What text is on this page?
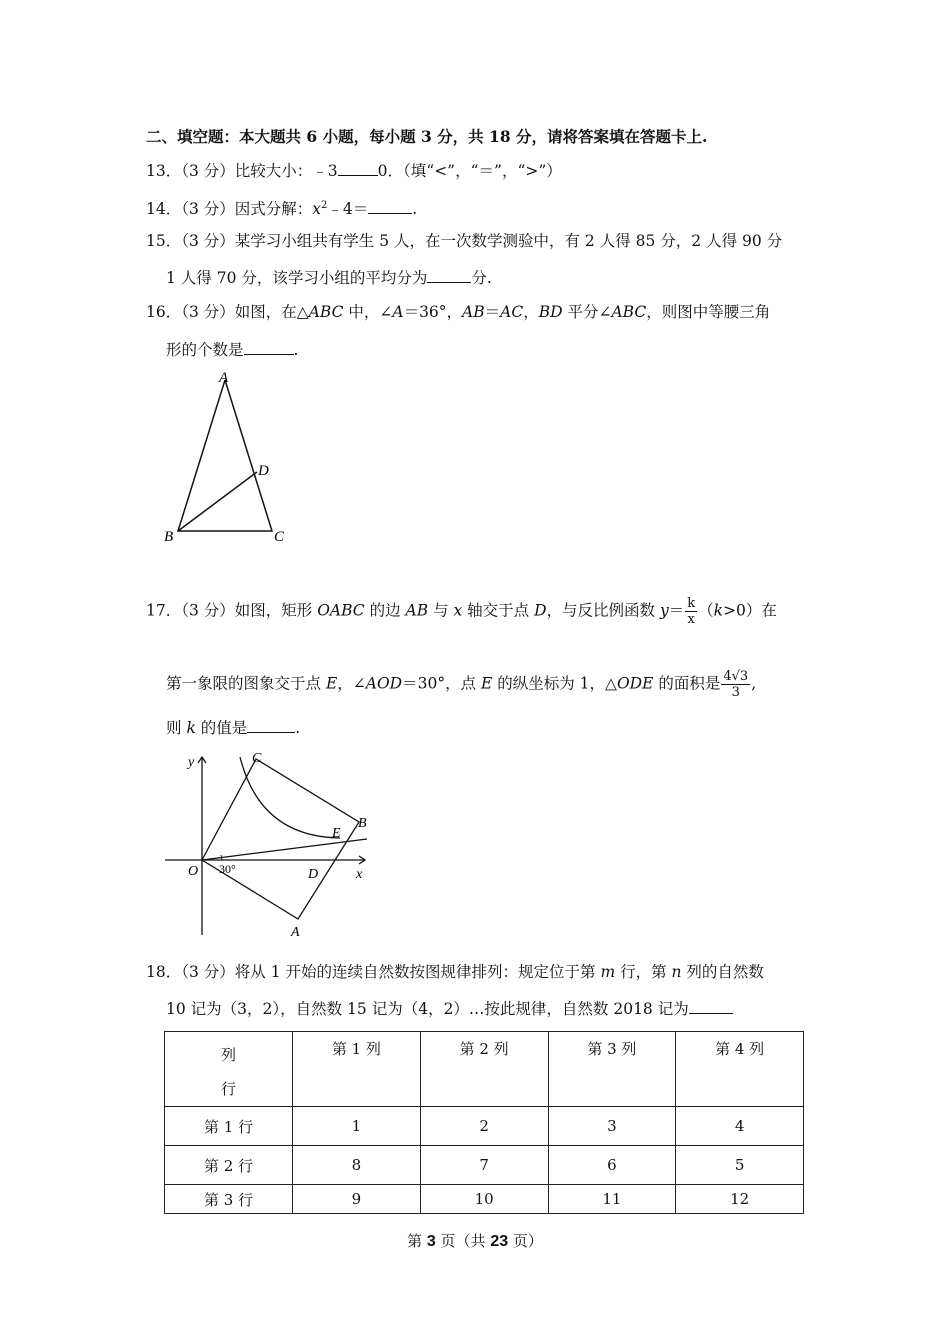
二、填空题：本大题共 6 小题，每小题 3 分，共 18 分，请将答案填在答题卡上.
13．（3 分）比较大小：﹣3	0．（填“<”，“＝”，“>”）
14．（3 分）因式分解：$x^2﹣4=$	.
15．（3 分）某学习小组共有学生 5 人，在一次数学测验中，有 2 人得 85 分，2 人得 90 分
1 人得 70 分，该学习小组的平均分为	分.
16．（3 分）如图，在△ABC 中，∠A＝36°，AB＝AC，BD 平分∠ABC，则图中等腰三角
形的个数是	.
A
B	C
D
17．（3 分）如图，矩形 OABC 的边 AB 与 x 轴交于点 D，与反比例函数 $y= \frac{k}{x} (k>0)$在
第一象限的图象交于点 E，∠AOD＝30°，点 E 的纵坐标为 1，△ODE 的面积是 $\frac{4√3}{3}$ ,
则 k 的值是	.
y
x
O
C
B
E
D
A
30°
18．（3 分）将从 1 开始的连续自然数按图规律排列：规定位于第 m 行，第 n 列的自然数
10 记为（3，2），自然数 15 记为（4，2）…按此规律，自然数 2018 记为
列
行	第 1 列	第 2 列	第 3 列	第 4 列
第 1 行	1	2	3	4
第 2 行	8	7	6	5
第 3 行	9	10	11	12
第 3 页（共 23 页）
